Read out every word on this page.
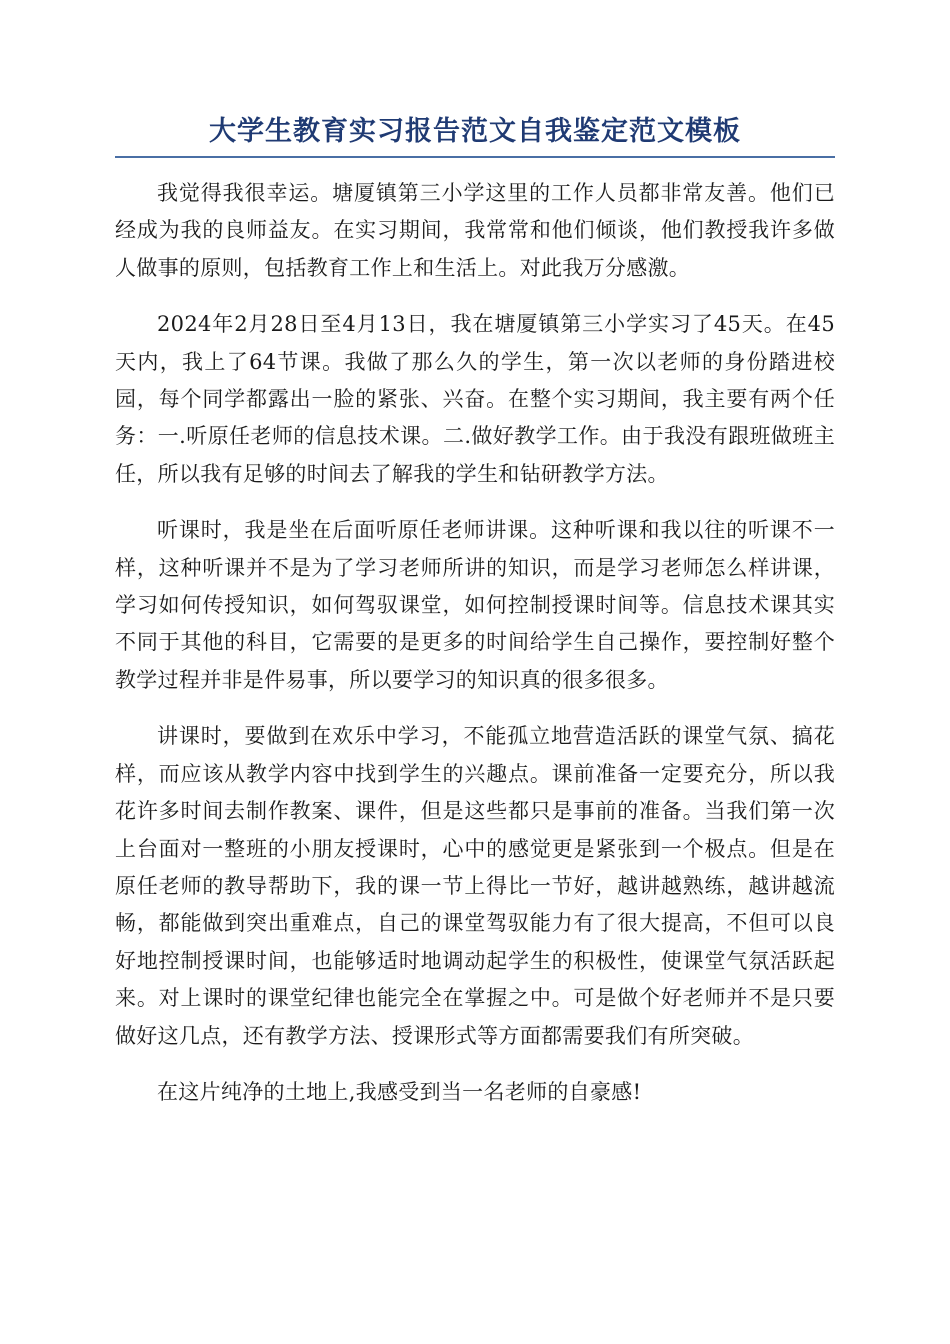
大学生教育实习报告范文自我鉴定范文模板

我觉得我很幸运。塘厦镇第三小学这里的工作人员都非常友善。他们已经成为我的良师益友。在实习期间，我常常和他们倾谈，他们教授我许多做人做事的原则，包括教育工作上和生活上。对此我万分感激。

2024年2月28日至4月13日，我在塘厦镇第三小学实习了45天。在45天内，我上了64节课。我做了那么久的学生，第一次以老师的身份踏进校园，每个同学都露出一脸的紧张、兴奋。在整个实习期间，我主要有两个任务：一.听原任老师的信息技术课。二.做好教学工作。由于我没有跟班做班主任，所以我有足够的时间去了解我的学生和钻研教学方法。

听课时，我是坐在后面听原任老师讲课。这种听课和我以往的听课不一样，这种听课并不是为了学习老师所讲的知识，而是学习老师怎么样讲课，学习如何传授知识，如何驾驭课堂，如何控制授课时间等。信息技术课其实不同于其他的科目，它需要的是更多的时间给学生自己操作，要控制好整个教学过程并非是件易事，所以要学习的知识真的很多很多。

讲课时，要做到在欢乐中学习，不能孤立地营造活跃的课堂气氛、搞花样，而应该从教学内容中找到学生的兴趣点。课前准备一定要充分，所以我花许多时间去制作教案、课件，但是这些都只是事前的准备。当我们第一次上台面对一整班的小朋友授课时，心中的感觉更是紧张到一个极点。但是在原任老师的教导帮助下，我的课一节上得比一节好，越讲越熟练，越讲越流畅，都能做到突出重难点，自己的课堂驾驭能力有了很大提高，不但可以良好地控制授课时间，也能够适时地调动起学生的积极性，使课堂气氛活跃起来。对上课时的课堂纪律也能完全在掌握之中。可是做个好老师并不是只要做好这几点，还有教学方法、授课形式等方面都需要我们有所突破。

在这片纯净的土地上,我感受到当一名老师的自豪感!
